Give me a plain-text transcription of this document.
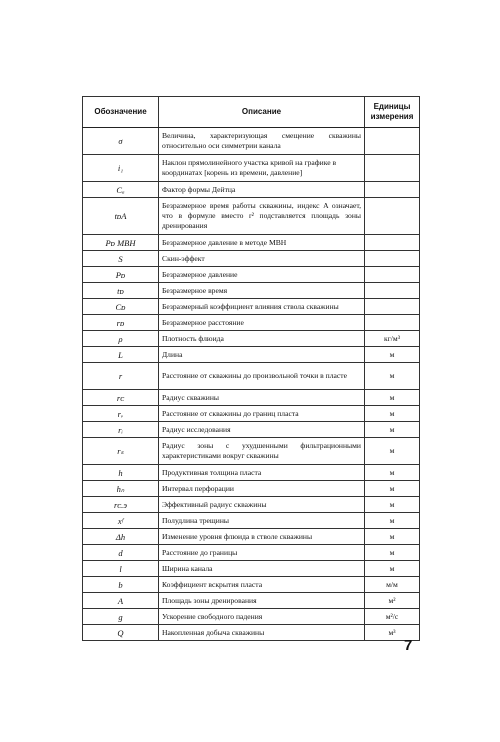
Обозначение	Описание	Единицы измерения
σ	Величина, характеризующая смещение скважины относительно оси симметрии канала	
i₁	Наклон прямолинейного участка кривой на графике в координатах [корень из времени, давление]	
Cₐ	Фактор формы Дейтца	
tᴅA	Безразмерное время работы скважины, индекс A означает, что в формуле вместо r² подставляется площадь зоны дренирования	
Pᴅ МВН	Безразмерное давление в методе МВН	
S	Скин-эффект	
Pᴅ	Безразмерное давление	
tᴅ	Безразмерное время	
Cᴅ	Безразмерный коэффициент влияния ствола скважины	
rᴅ	Безразмерное расстояние	
ρ	Плотность флюида	кг/м³
L	Длина	м
r	Расстояние от скважины до произвольной точки в пласте	м
rᴄ	Радиус скважины	м
rᵥ	Расстояние от скважины до границ пласта	м
rᵢ	Радиус исследования	м
rₛ	Радиус зоны с ухудшенными фильтрационными характеристиками вокруг скважины	м
h	Продуктивная толщина пласта	м
hₙ	Интервал перфорации	м
rᴄ.э	Эффективный радиус скважины	м
xᶠ	Полудлина трещины	м
Δh	Изменение уровня флюида в стволе скважины	м
d	Расстояние до границы	м
l	Ширина канала	м
b	Коэффициент вскрытия пласта	м/м
A	Площадь зоны дренирования	м²
g	Ускорение свободного падения	м²/с
Q	Накопленная добыча скважины	м³
7
